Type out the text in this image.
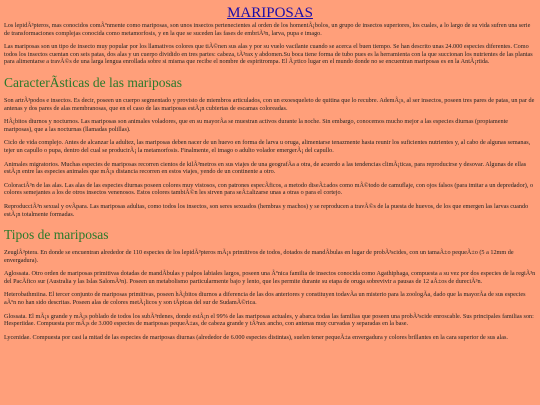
MARIPOSAS

Los lepidÃ³pteros, mas conocidos comÃºnmente como mariposas, son unos insectos pertenecientes al orden de los homentÃ¡bolos, un grupo de insectos superiores, los cuales, a lo largo de su vida sufren una serie de transformaciones complejas conocida como metamorfosis, y en la que se suceden las fases de embriÃ³n, larva, pupa e imago.

Las mariposas son un tipo de insecto muy popular por los llamativos colores que tiÃ©nen sus alas y por su vuelo vacilante cuando se acerca el buen tiempo. Se han descrito unas 24.000 especies diferentes. Como todos los insectos cuentan con seis patas, dos alas y un cuerpo dividido en tres partes: cabeza, tÃ³rax y abdomen.Su boca tiene forma de tubo pues es la herramienta con la que succionan los nutrientes de las plantas para alimentarse a travÃ©s de una larga lengua enrollada sobre si misma que recibe el nombre de espiritrompa. El Ã¡rtico lugar en el mundo donde no se encuentran mariposas es en la AntÃ¡rtida.

CaracterÃsticas de las mariposas

Son artrÃ³podos e insectos. Es decir, poseen un cuerpo segmentado y provisto de miembros articulados, con un exoesqueleto de quitina que lo recubre. AdemÃ¡s, al ser insectos, poseen tres pares de patas, un par de antenas y dos pares de alas membranosas, que en el caso de las mariposas estÃ¡n cubiertas de escamas coloreadas.

HÃ¡bitos diurnos y nocturnos. Las mariposas son animales voladores, que en su mayorÃa se muestran activos durante la noche. Sin embargo, conocemos mucho mejor a las especies diurnas (propiamente mariposas), que a las nocturnas (llamadas polillas).

Ciclo de vida complejo. Antes de alcanzar la adultez, las mariposas deben nacer de un huevo en forma de larva u oruga, alimentarse tenazmente hasta reunir los suficientes nutrientes y, al cabo de algunas semanas, tejer un capullo o pupa, dentro del cual se producirÃ¡ la metamorfosis. Finalmente, el imago o adulto volador emergerÃ¡ del capullo.

Animales migratorios. Muchas especies de mariposas recorren cientos de kilÃ³metros en sus viajes de una geografÃa a otra, de acuerdo a las tendencias climÃ¡ticas, para reproducirse y desovar. Algunas de ellas estÃ¡n entre las especies animales que mÃ¡s distancia recorren en estos viajes, yendo de un continente a otro.

ColoraciÃ³n de las alas. Las alas de las especies diurnas poseen colores muy vistosos, con patrones especÃficos, a metodo diseÃ±ados como mÃ©todo de camuflaje, con ojos falsos (para imitar a un depredador), o colores semejantes a los de otros insectos venenosos. Estos colores tambiÃ©n les sirven para seÃ±alizarse unas a otras o para el cortejo.

ReproducciÃ³n sexual y ovÃpara. Las mariposas adultas, como todos los insectos, son seres sexuados (hembras y machos) y se reproducen a travÃ©s de la puesta de huevos, de los que emergen las larvas cuando estÃ¡n totalmente formadas.

Tipos de mariposas

ZeuglÃ³ptera. En donde se encuentran alrededor de 110 especies de los lepidÃ³pteros mÃ¡s primitivos de todos, dotados de mandÃbulas en lugar de probÃ³scides, con un tamaÃ±o pequeÃ±o (5 a 12mm de envergadura).

Aglossata. Otro orden de mariposas primitivas dotadas de mandÃbulas y palpos labiales largos, poseen una Ãºnica familia de insectos conocida como Agathiphaga, compuesta a su vez por dos especies de la regiÃ³n del PacÃfico sur (Australia y las Islas SalomÃ³n). Poseen un metabolismo particularmente bajo y lento, que les permite durante su etapa de oruga sobrevivir a pausas de 12 aÃ±os de dureciÃ³n.

Heterobathmiina. El tercer conjunto de mariposas primitivas, poseen hÃ¡bitos diurnos a diferencia de las dos anteriores y constituyen todavÃa un misterio para la zoologÃa, dado que la mayorÃa de sus especies aÃºn no han sido descritas. Poseen alas de colores metÃ¡licos y son tÃpicas del sur de SudamÃ©rica.

Glossata. El mÃ¡s grande y mÃ¡s poblado de todos los subÃ³rdenes, donde estÃ¡n el 99% de las mariposas actuales, y abarca todas las familias que poseen una probÃ³scide enroscable. Sus principales familias son: Hesperiidae. Compuesta por mÃ¡s de 3.000 especies de mariposas pequeÃ±as, de cabeza grande y tÃ³rax ancho, con antenas muy curvadas y separadas en la base.

Lycenidae. Compuesta por casi la mitad de las especies de mariposas diurnas (alrededor de 6.000 especies distintas), suelen tener pequeÃ±a envergadura y colores brillantes en la cara superior de sus alas.
